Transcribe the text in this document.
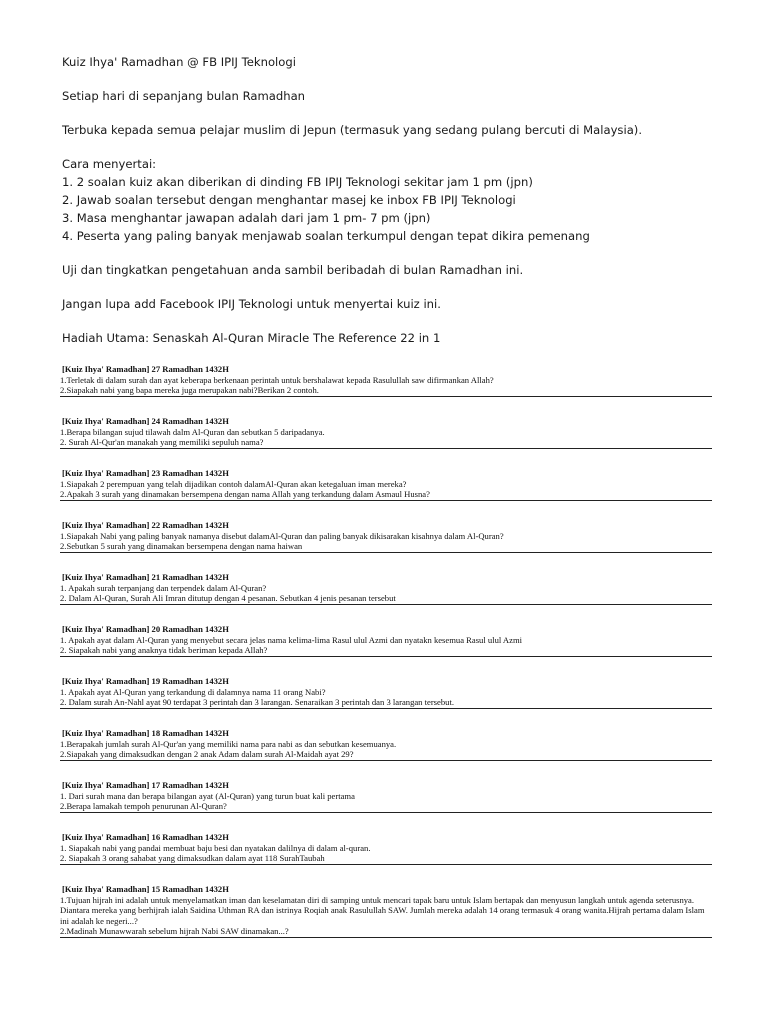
Kuiz Ihya' Ramadhan @ FB IPIJ Teknologi

Setiap hari di sepanjang bulan Ramadhan

Terbuka kepada semua pelajar muslim di Jepun (termasuk yang sedang pulang bercuti di Malaysia).

Cara menyertai:

1. 2 soalan kuiz akan diberikan di dinding FB IPIJ Teknologi sekitar jam 1 pm (jpn)

2. Jawab soalan tersebut dengan menghantar masej ke inbox FB IPIJ Teknologi

3. Masa menghantar jawapan adalah dari jam 1 pm- 7 pm (jpn)

4. Peserta yang paling banyak menjawab soalan terkumpul dengan tepat dikira pemenang

Uji dan tingkatkan pengetahuan anda sambil beribadah di bulan Ramadhan ini.

Jangan lupa add Facebook IPIJ Teknologi untuk menyertai kuiz ini.

Hadiah Utama: Senaskah Al-Quran Miracle The Reference 22 in 1

[Kuiz Ihya' Ramadhan] 27 Ramadhan 1432H
1.Terletak di dalam surah dan ayat keberapa berkenaan perintah untuk bershalawat kepada Rasulullah saw difirmankan Allah?
2.Siapakah nabi yang bapa mereka juga merupakan nabi?Berikan 2 contoh.
[Kuiz Ihya' Ramadhan] 24 Ramadhan 1432H
1.Berapa bilangan sujud tilawah dalm Al-Quran dan sebutkan 5 daripadanya.
2. Surah Al-Qur'an manakah yang memiliki sepuluh nama?
[Kuiz Ihya' Ramadhan] 23 Ramadhan 1432H
1.Siapakah 2 perempuan yang telah dijadikan contoh dalamAl-Quran akan ketegaluan iman mereka?
2.Apakah 3 surah yang dinamakan bersempena dengan nama Allah yang terkandung dalam Asmaul Husna?
[Kuiz Ihya' Ramadhan] 22 Ramadhan 1432H
1.Siapakah Nabi yang paling banyak namanya disebut dalamAl-Quran dan paling banyak dikisarakan kisahnya dalam Al-Quran?
2.Sebutkan 5 surah yang dinamakan bersempena dengan nama haiwan
[Kuiz Ihya' Ramadhan] 21 Ramadhan 1432H
1. Apakah surah terpanjang dan terpendek dalam Al-Quran?
2. Dalam Al-Quran, Surah Ali Imran ditutup dengan 4 pesanan. Sebutkan 4 jenis pesanan tersebut
[Kuiz Ihya' Ramadhan] 20 Ramadhan 1432H
1. Apakah ayat dalam Al-Quran yang menyebut secara jelas nama kelima-lima Rasul ulul Azmi dan nyatakn kesemua Rasul ulul Azmi
2. Siapakah nabi yang anaknya tidak beriman kepada Allah?
[Kuiz Ihya' Ramadhan] 19 Ramadhan 1432H
1. Apakah ayat Al-Quran yang terkandung di dalamnya nama 11 orang Nabi?
2. Dalam surah An-Nahl ayat 90 terdapat 3 perintah dan 3 larangan. Senaraikan 3 perintah dan 3 larangan tersebut.
[Kuiz Ihya' Ramadhan] 18 Ramadhan 1432H
1.Berapakah jumlah surah Al-Qur'an yang memiliki nama para nabi as dan sebutkan kesemuanya.
2.Siapakah yang dimaksudkan dengan 2 anak Adam dalam surah Al-Maidah ayat 29?
[Kuiz Ihya' Ramadhan] 17 Ramadhan 1432H
1. Dari surah mana dan berapa bilangan ayat (Al-Quran) yang turun buat kali pertama
2.Berapa lamakah tempoh penurunan Al-Quran?
[Kuiz Ihya' Ramadhan] 16 Ramadhan 1432H
1. Siapakah nabi yang pandai membuat baju besi dan nyatakan dalilnya di dalam al-quran.
2. Siapakah 3 orang sahabat yang dimaksudkan dalam ayat 118 SurahTaubah
[Kuiz Ihya' Ramadhan] 15 Ramadhan 1432H
1.Tujuan hijrah ini adalah untuk menyelamatkan iman dan keselamatan diri di samping untuk mencari tapak baru untuk Islam bertapak dan menyusun langkah untuk agenda seterusnya. Diantara mereka yang berhijrah ialah Saidina Uthman RA dan istrinya Roqiah anak Rasulullah SAW. Jumlah mereka adalah 14 orang termasuk 4 orang wanita.Hijrah pertama dalam Islam ini adalah ke negeri...?
2.Madinah Munawwarah sebelum hijrah Nabi SAW dinamakan...?
